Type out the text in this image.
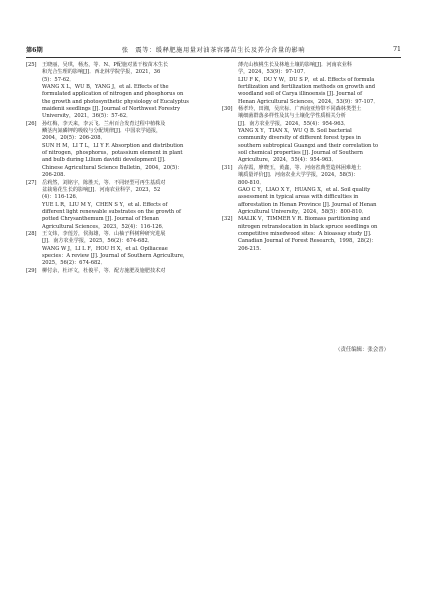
第6期	张　震等：缓释肥施用量对油茶容器苗生长及养分含量的影响	71
[25]	王晓丽，吴琪，杨杰，等．N、P配施对蓝干桉苗木生长
和光合生理的影响[J]．西北林学院学报，2021，36
(5)：57-62．
WANG X L，WU B，YANG J，et al. Effects of the
formulated application of nitrogen and phosphorus on
the growth and photosynthetic physiology of Eucalyptus
maidenii seedlings [J]. Journal of Northwest Forestry
University，2021，36(5)：57-62．
[26]	孙红梅，李天来，李云飞．兰州百合发育过程中植株及
鳞茎内氮磷钾的吸收与分配规律[J]．中国农学通报，
2004，20(5)：206-208．
SUN H M，LI T L，LI Y F. Absorption and distribution
of nitrogen，phosphorus，potassium element in plant
and bulb during Lilium davidii development [J].
Chinese Agricultural Science Bulletin，2004，20(5)：
206-208.
[27]	岳莉然，刘铭宇，陈胜天，等．不同轻型可再生基质对
盆栽菊花生长的影响[J]．河南农业科学，2023，52
(4)：116-126．
YUE L R，LIU M Y，CHEN S Y，et al. Effects of
different light renewable substrates on the growth of
potted Chrysanthemum [J]. Journal of Henan
Agricultural Sciences，2023，52(4)：116-126．
[28]	王文炜，李莲芳，侯海雄，等．山柚子科树种研究进展
[J]．南方农业学报，2025，56(2)：674-682．
WANG W J，LI L F，HOU H X，et al. Opiliaceae
species：A review [J]. Journal of Southern Agriculture，
2025，56(2)：674-682．
[29]	柳付余，杜评文，杜俊平，等．配方施肥及施肥技术对
薄壳山核桃生长及林地土壤的影响[J]．河南农业科
学，2024，53(9)：97-107．
LIU F K，DU Y W，DU S P，et al. Effects of formula
fertilization and fertilization methods on growth and
woodland soil of Carya illinoensis [J]. Journal of
Henan Agricultural Sciences，2024，53(9)：97-107．
[30]	杨孝玲，田湘，吴庆标．广西南亚热带不同森林类型土
壤细菌群落多样性及其与土壤化学性质相关分析
[J]．南方农业学报，2024，55(4)：954-963．
YANG X Y，TIAN X，WU Q B. Soil bacterial
community diversity of different forest types in
southern subtropical Guangxi and their correlation to
soil chemical properties [J]. Journal of Southern
Agriculture，2024，55(4)：954-963．
[31]	高春霞，廖晓玉，黄鑫，等．河南省典型造林困难地土
壤质量评价[J]．河南农业大学学报，2024，58(5)：
800-810．
GAO C Y，LIAO X Y，HUANG X，et al. Soil quality
assessment in typical areas with difficulties in
afforestation in Henan Province [J]. Journal of Henan
Agricultural University，2024，58(5)：800-810．
[32]	MALIK V，TIMMER V R. Biomass partitioning and
nitrogen retranslocation in black spruce seedlings on
competitive mixedwood sites：A bioassay study [J].
Canadian Journal of Forest Research，1998，28(2)：
206-215.
（责任编辑：张会晋）
